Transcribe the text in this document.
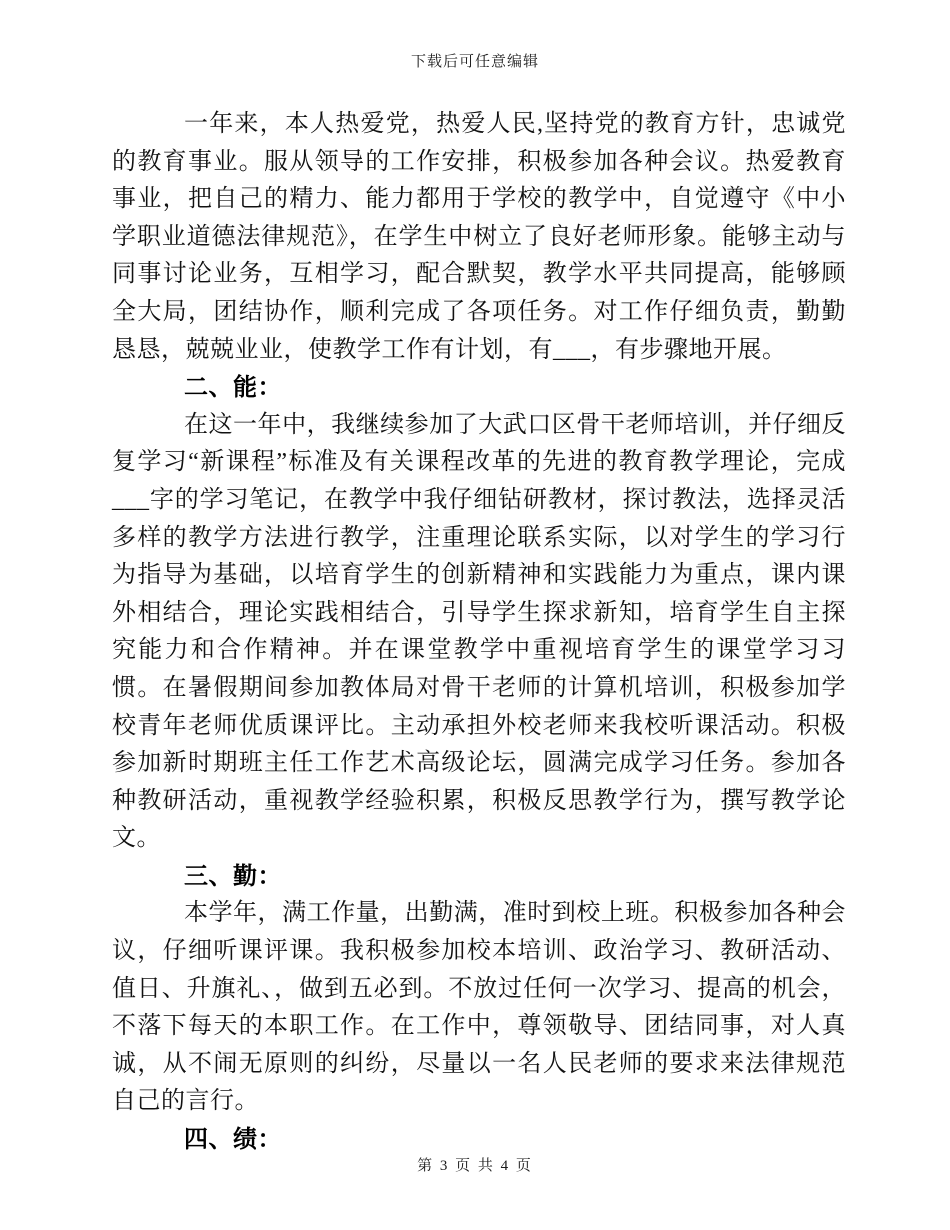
下载后可任意编辑

一年来，本人热爱党，热爱人民,坚持党的教育方针，忠诚党的教育事业。服从领导的工作安排，积极参加各种会议。热爱教育事业，把自己的精力、能力都用于学校的教学中，自觉遵守《中小学职业道德法律规范》，在学生中树立了良好老师形象。能够主动与同事讨论业务，互相学习，配合默契，教学水平共同提高，能够顾全大局，团结协作，顺利完成了各项任务。对工作仔细负责，勤勤恳恳，兢兢业业，使教学工作有计划，有___，有步骤地开展。

二、能：

在这一年中，我继续参加了大武口区骨干老师培训，并仔细反复学习“新课程”标准及有关课程改革的先进的教育教学理论，完成___字的学习笔记，在教学中我仔细钻研教材，探讨教法，选择灵活多样的教学方法进行教学，注重理论联系实际，以对学生的学习行为指导为基础，以培育学生的创新精神和实践能力为重点，课内课外相结合，理论实践相结合，引导学生探求新知，培育学生自主探究能力和合作精神。并在课堂教学中重视培育学生的课堂学习习惯。在暑假期间参加教体局对骨干老师的计算机培训，积极参加学校青年老师优质课评比。主动承担外校老师来我校听课活动。积极参加新时期班主任工作艺术高级论坛，圆满完成学习任务。参加各种教研活动，重视教学经验积累，积极反思教学行为，撰写教学论文。

三、勤：

本学年，满工作量，出勤满，准时到校上班。积极参加各种会议，仔细听课评课。我积极参加校本培训、政治学习、教研活动、值日、升旗礼、，做到五必到。不放过任何一次学习、提高的机会，不落下每天的本职工作。在工作中，尊领敬导、团结同事，对人真诚，从不闹无原则的纠纷，尽量以一名人民老师的要求来法律规范自己的言行。

四、绩：

第 3 页 共 4 页
